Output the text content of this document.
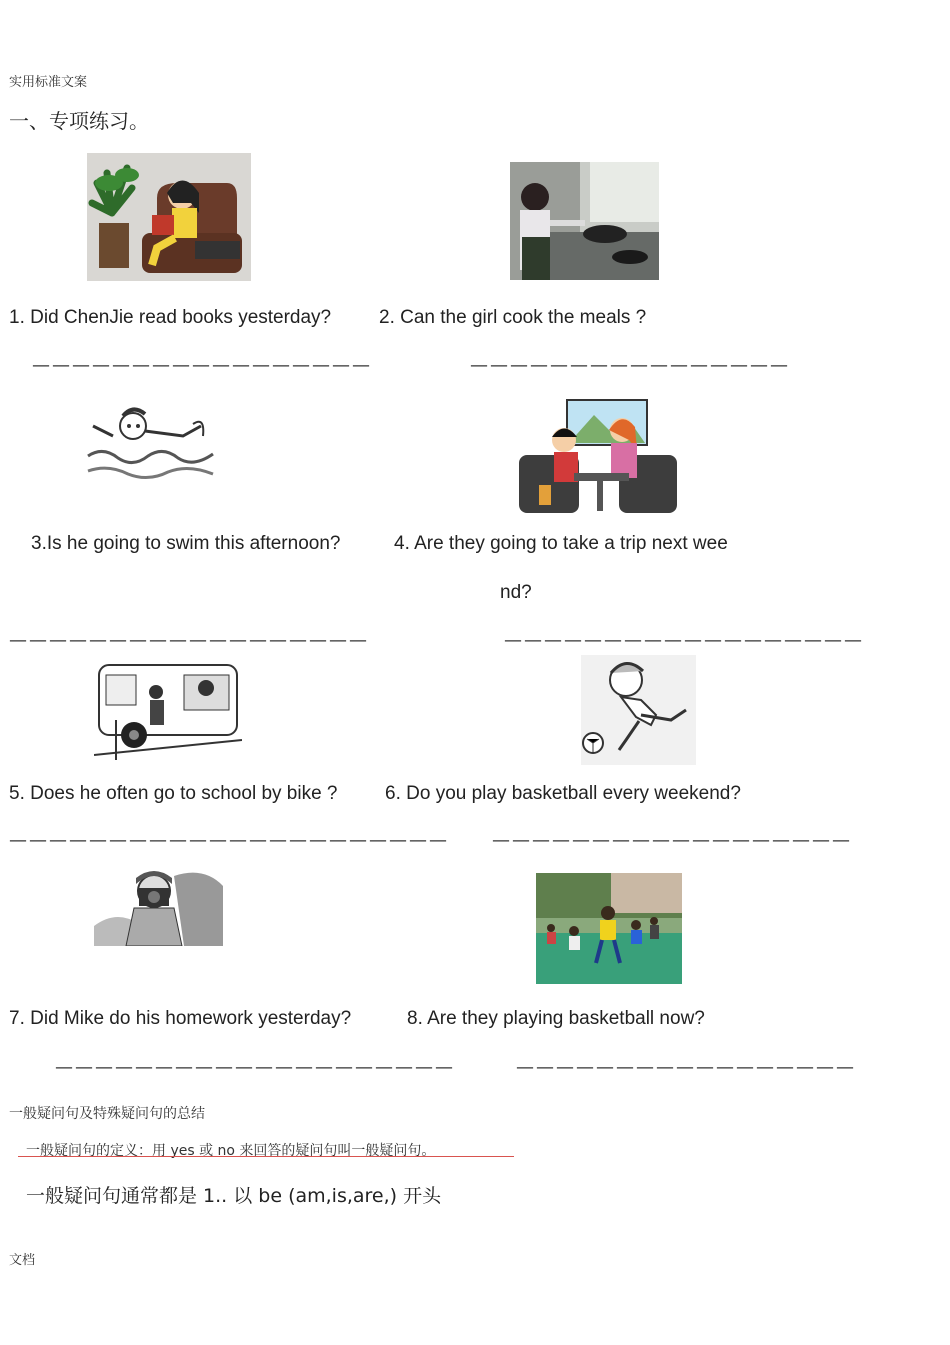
实用标准文案
一、专项练习。
1. Did ChenJie read books yesterday?	2. Can the girl cook the meals ?
—————————————————	————————————————
3.Is he going to swim this afternoon?	4. Are they going to take a trip next wee
nd?
——————————————————	——————————————————
5. Does he often go to school by bike ?	6. Do you play basketball every weekend?
—————————————————————— ——————————————————
7. Did Mike do his homework yesterday?	8. Are they playing basketball now?
————————————————————	—————————————————
一般疑问句及特殊疑问句的总结
一般疑问句的定义：用 yes 或 no 来回答的疑问句叫一般疑问句。
一般疑问句通常都是 1.. 以 be (am,is,are,) 开头
文档
